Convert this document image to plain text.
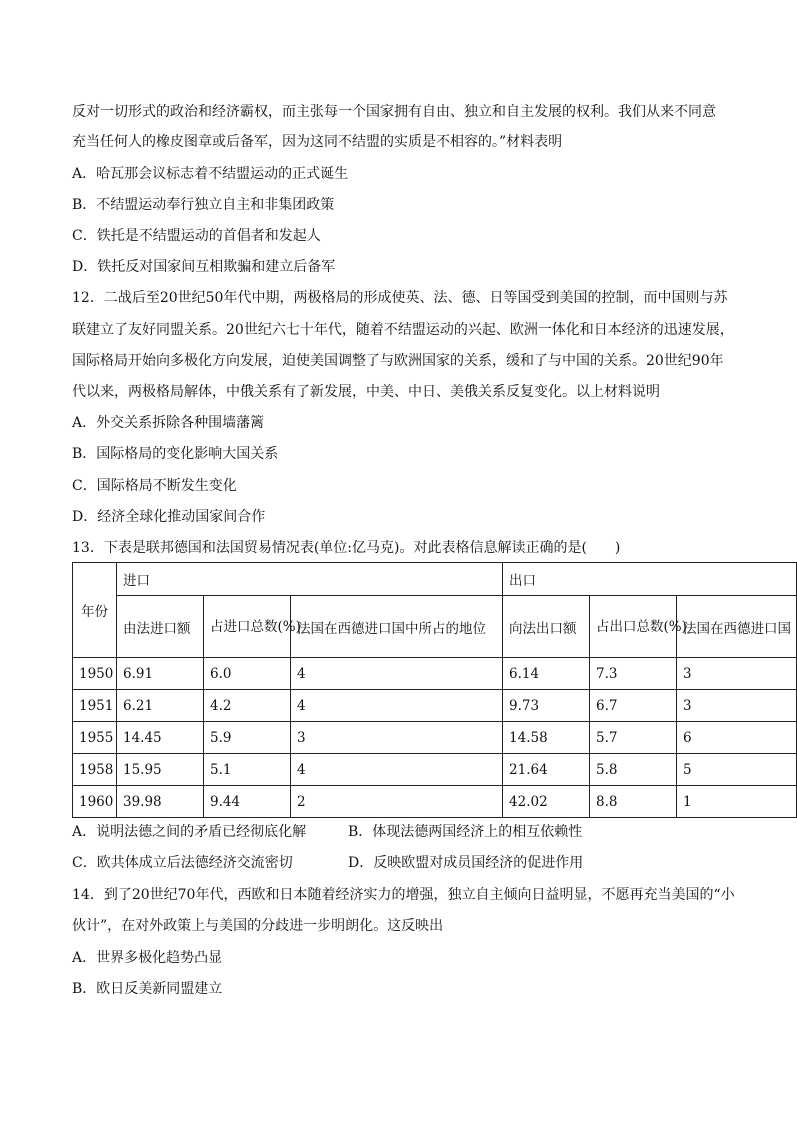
反对一切形式的政治和经济霸权，而主张每一个国家拥有自由、独立和自主发展的权利。我们从来不同意
充当任何人的橡皮图章或后备军，因为这同不结盟的实质是不相容的。”材料表明
A．哈瓦那会议标志着不结盟运动的正式诞生
B．不结盟运动奉行独立自主和非集团政策
C．铁托是不结盟运动的首倡者和发起人
D．铁托反对国家间互相欺骗和建立后备军
12．二战后至20世纪50年代中期，两极格局的形成使英、法、德、日等国受到美国的控制，而中国则与苏
联建立了友好同盟关系。20世纪六七十年代，随着不结盟运动的兴起、欧洲一体化和日本经济的迅速发展，
国际格局开始向多极化方向发展，迫使美国调整了与欧洲国家的关系，缓和了与中国的关系。20世纪90年
代以来，两极格局解体，中俄关系有了新发展，中美、中日、美俄关系反复变化。以上材料说明
A．外交关系拆除各种围墙藩篱
B．国际格局的变化影响大国关系
C．国际格局不断发生变化
D．经济全球化推动国家间合作
13．下表是联邦德国和法国贸易情况表(单位:亿马克)。对此表格信息解读正确的是(　　)
年份	进口			出口		
	由法进口额	占进口总数(%)	法国在西德进口国中所占的地位	向法出口额	占出口总数(%)	法国在西德进口国
1950	6.91	6.0	4	6.14	7.3	3
1951	6.21	4.2	4	9.73	6.7	3
1955	14.45	5.9	3	14.58	5.7	6
1958	15.95	5.1	4	21.64	5.8	5
1960	39.98	9.44	2	42.02	8.8	1
A．说明法德之间的矛盾已经彻底化解	B．体现法德两国经济上的相互依赖性
C．欧共体成立后法德经济交流密切	D．反映欧盟对成员国经济的促进作用
14．到了20世纪70年代，西欧和日本随着经济实力的增强，独立自主倾向日益明显，不愿再充当美国的“小
伙计”，在对外政策上与美国的分歧进一步明朗化。这反映出
A．世界多极化趋势凸显
B．欧日反美新同盟建立
